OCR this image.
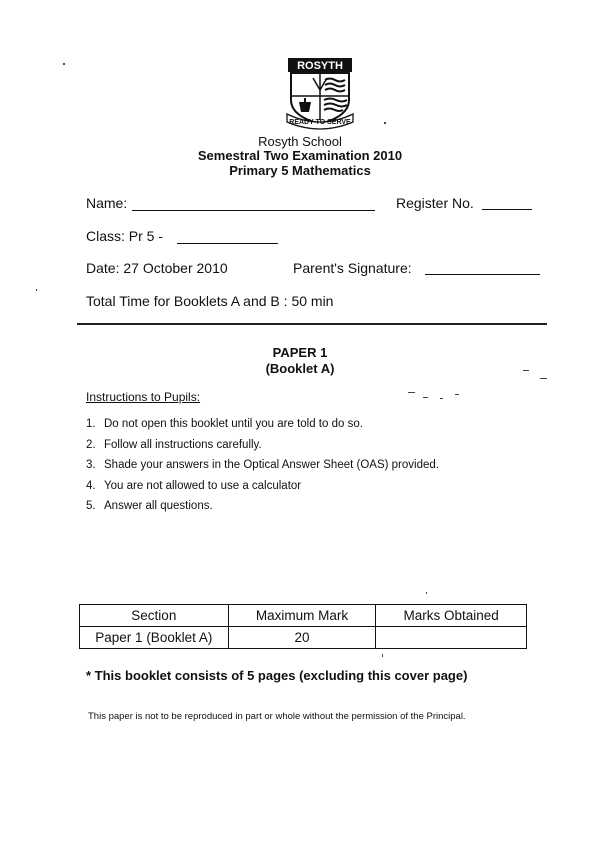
ROSYTH
READY TO SERVE
Rosyth School
Semestral Two Examination 2010
Primary 5 Mathematics
Name:	Register No.
Class: Pr 5 -
Date: 27 October 2010	Parent's Signature:
Total Time for Booklets A and B : 50 min
PAPER 1
(Booklet A)
Instructions to Pupils:
1. Do not open this booklet until you are told to do so.
2. Follow all instructions carefully.
3. Shade your answers in the Optical Answer Sheet (OAS) provided.
4. You are not allowed to use a calculator
5. Answer all questions.
Section	Maximum Mark	Marks Obtained
Paper 1 (Booklet A)	20	
* This booklet consists of 5 pages (excluding this cover page)
This paper is not to be reproduced in part or whole without the permission of the Principal.
